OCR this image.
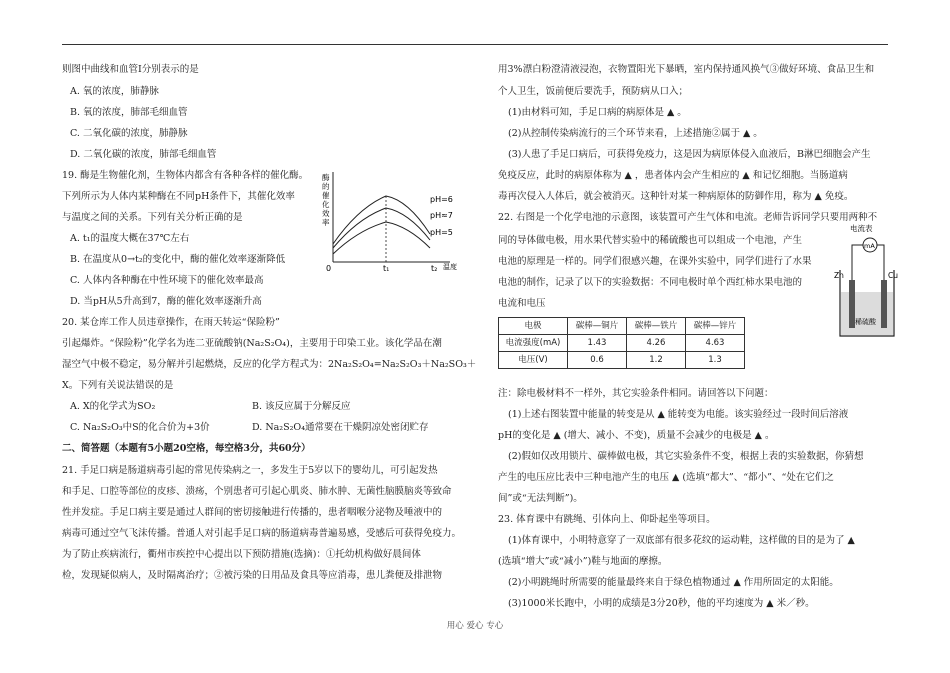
则图中曲线和血管Ⅰ分别表示的是
A. 氧的浓度，肺静脉
B. 氧的浓度，肺部毛细血管
C. 二氧化碳的浓度，肺静脉
D. 二氧化碳的浓度，肺部毛细血管
19. 酶是生物催化剂，生物体内都含有各种各样的催化酶。
下列所示为人体内某种酶在不同pH条件下，其催化效率
与温度之间的关系。下列有关分析正确的是
A. t₁的温度大概在37℃左右
B. 在温度从0→t₂的变化中，酶的催化效率逐渐降低
C. 人体内各种酶在中性环境下的催化效率最高
D. 当pH从5升高到7，酶的催化效率逐渐升高
20. 某仓库工作人员违章操作，在雨天转运“保险粉”
引起爆炸。“保险粉”化学名为连二亚硫酸钠(Na₂S₂O₄)，主要用于印染工业。该化学品在潮
湿空气中极不稳定，易分解并引起燃烧，反应的化学方程式为：2Na₂S₂O₄=Na₂S₂O₃＋Na₂SO₃＋
X。下列有关说法错误的是
A. X的化学式为SO₂	B. 该反应属于分解反应
C. Na₂S₂O₃中S的化合价为+3价	D. Na₂S₂O₄通常要在干燥阴凉处密闭贮存
二、简答题（本题有5小题20空格，每空格3分，共60分）
21. 手足口病是肠道病毒引起的常见传染病之一，多发生于5岁以下的婴幼儿，可引起发热
和手足、口腔等部位的皮疹、溃疡，个别患者可引起心肌炎、肺水肿、无菌性脑膜脑炎等致命
性并发症。手足口病主要是通过人群间的密切接触进行传播的，患者咽喉分泌物及唾液中的
病毒可通过空气飞沫传播。普通人对引起手足口病的肠道病毒普遍易感，受感后可获得免疫力。
为了防止疾病流行，衢州市疾控中心提出以下预防措施(选摘)：①托幼机构做好晨间体
检，发现疑似病人，及时隔离治疗；②被污染的日用品及食具等应消毒，患儿粪便及排泄物
酶的催化效率
pH=6
pH≈7
pH=5
0	t₁	t₂ 温度
用3%漂白粉澄清液浸泡，衣物置阳光下暴晒，室内保持通风换气③做好环境、食品卫生和
个人卫生，饭前便后要洗手，预防病从口入；
(1)由材料可知，手足口病的病原体是 ▲ 。
(2)从控制传染病流行的三个环节来看，上述措施②属于 ▲ 。
(3)人患了手足口病后，可获得免疫力，这是因为病原体侵入血液后，B淋巴细胞会产生
免疫反应，此时的病原体称为 ▲ ，患者体内会产生相应的 ▲ 和记忆细胞。当肠道病
毒再次侵入人体后，就会被消灭。这种针对某一种病原体的防御作用，称为 ▲ 免疫。
22. 右图是一个化学电池的示意图，该装置可产生气体和电流。老师告诉同学只要用两种不
同的导体做电极，用水果代替实验中的稀硫酸也可以组成一个电池，产生
电池的原理是一样的。同学们很感兴趣，在课外实验中，同学们进行了水果
电池的制作，记录了以下的实验数据：不同电极时单个西红柿水果电池的
电流和电压
电极	碳棒—铜片	碳棒—铁片	碳棒—锌片
电流强度(mA)	1.43	4.26	4.63
电压(V)	0.6	1.2	1.3
注：除电极材料不一样外，其它实验条件相同。请回答以下问题：
(1)上述右图装置中能量的转变是从 ▲ 能转变为电能。该实验经过一段时间后溶液
pH的变化是 ▲ (增大、减小、不变)，质量不会减少的电极是 ▲ 。
(2)假如仅改用锁片、碳棒做电极，其它实验条件不变，根据上表的实验数据，你猜想
产生的电压应比表中三种电池产生的电压 ▲ (选填“都大”、“都小”、“处在它们之
间”或“无法判断”)。
23. 体育课中有跳绳、引体向上、仰卧起坐等项目。
(1)体育课中，小明特意穿了一双底部有很多花纹的运动鞋，这样做的目的是为了 ▲
(选填“增大”或“减小”)鞋与地面的摩擦。
(2)小明跳绳时所需要的能量最终来自于绿色植物通过 ▲ 作用所固定的太阳能。
(3)1000米长跑中，小明的成绩是3分20秒，他的平均速度为 ▲ 米／秒。
电流表
mA
Zn	Cu
稀硫酸
用心 爱心 专心
